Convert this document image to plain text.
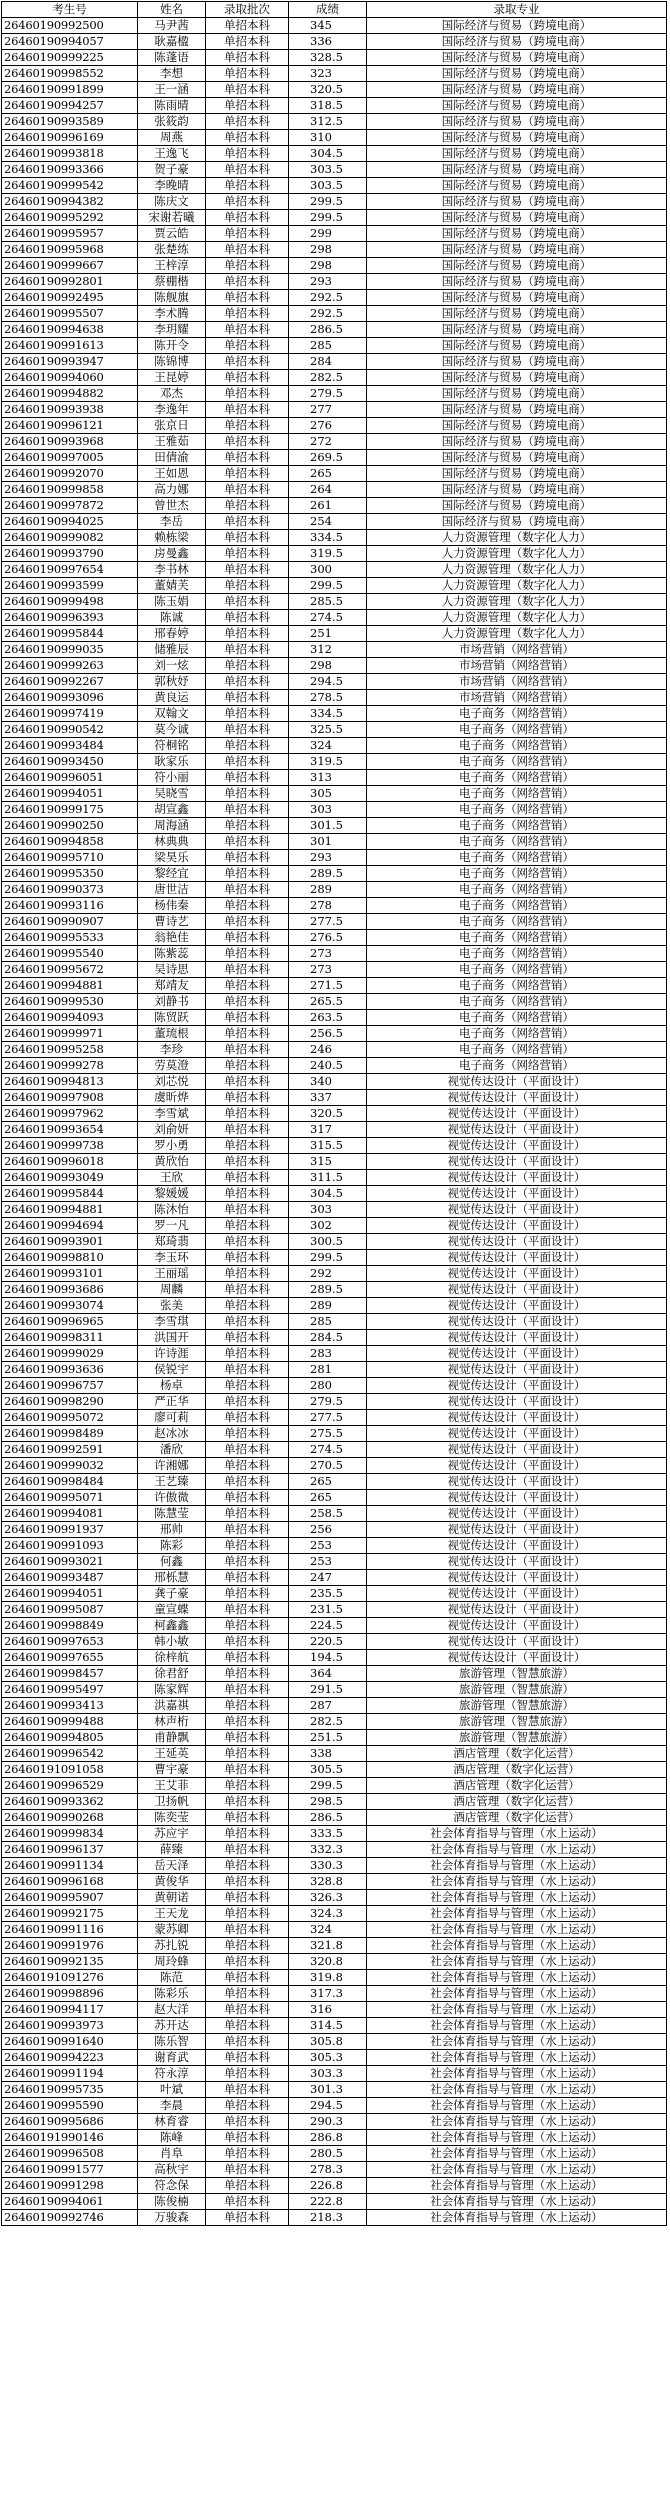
考生号	姓名	录取批次	成绩	录取专业
26460190992500	马尹茜	单招本科	345	国际经济与贸易（跨境电商）
26460190994057	耿嘉楹	单招本科	336	国际经济与贸易（跨境电商）
26460190999225	陈蓬语	单招本科	328.5	国际经济与贸易（跨境电商）
26460190998552	李想	单招本科	323	国际经济与贸易（跨境电商）
26460190991899	王一涵	单招本科	320.5	国际经济与贸易（跨境电商）
26460190994257	陈雨晴	单招本科	318.5	国际经济与贸易（跨境电商）
26460190993589	张筱韵	单招本科	312.5	国际经济与贸易（跨境电商）
26460190996169	周燕	单招本科	310	国际经济与贸易（跨境电商）
26460190993818	王逸飞	单招本科	304.5	国际经济与贸易（跨境电商）
26460190993366	贺子豪	单招本科	303.5	国际经济与贸易（跨境电商）
26460190999542	李晚晴	单招本科	303.5	国际经济与贸易（跨境电商）
26460190994382	陈庆文	单招本科	299.5	国际经济与贸易（跨境电商）
26460190995292	宋谢若曦	单招本科	299.5	国际经济与贸易（跨境电商）
26460190995957	贾云皓	单招本科	299	国际经济与贸易（跨境电商）
26460190995968	张楚练	单招本科	298	国际经济与贸易（跨境电商）
26460190999667	王梓淳	单招本科	298	国际经济与贸易（跨境电商）
26460190992801	蔡棚楷	单招本科	293	国际经济与贸易（跨境电商）
26460190992495	陈舰旗	单招本科	292.5	国际经济与贸易（跨境电商）
26460190995507	李术腾	单招本科	292.5	国际经济与贸易（跨境电商）
26460190994638	李玥耀	单招本科	286.5	国际经济与贸易（跨境电商）
26460190991613	陈开令	单招本科	285	国际经济与贸易（跨境电商）
26460190993947	陈锦博	单招本科	284	国际经济与贸易（跨境电商）
26460190994060	王昆婷	单招本科	282.5	国际经济与贸易（跨境电商）
26460190994882	邓杰	单招本科	279.5	国际经济与贸易（跨境电商）
26460190993938	李逸年	单招本科	277	国际经济与贸易（跨境电商）
26460190996121	张京日	单招本科	276	国际经济与贸易（跨境电商）
26460190993968	王雅茹	单招本科	272	国际经济与贸易（跨境电商）
26460190997005	田倩渝	单招本科	269.5	国际经济与贸易（跨境电商）
26460190992070	王如恩	单招本科	265	国际经济与贸易（跨境电商）
26460190999858	高力娜	单招本科	264	国际经济与贸易（跨境电商）
26460190997872	曾世杰	单招本科	261	国际经济与贸易（跨境电商）
26460190994025	李岳	单招本科	254	国际经济与贸易（跨境电商）
26460190999082	赖栋梁	单招本科	334.5	人力资源管理（数字化人力）
26460190993790	房曼鑫	单招本科	319.5	人力资源管理（数字化人力）
26460190997654	李书林	单招本科	300	人力资源管理（数字化人力）
26460190993599	董婧芙	单招本科	299.5	人力资源管理（数字化人力）
26460190999498	陈玉娟	单招本科	285.5	人力资源管理（数字化人力）
26460190996393	陈诚	单招本科	274.5	人力资源管理（数字化人力）
26460190995844	邢春婷	单招本科	251	人力资源管理（数字化人力）
26460190999035	储雅辰	单招本科	312	市场营销（网络营销）
26460190999263	刘一炫	单招本科	298	市场营销（网络营销）
26460190992267	郭秋妤	单招本科	294.5	市场营销（网络营销）
26460190993096	黄良运	单招本科	278.5	市场营销（网络营销）
26460190997419	双翰文	单招本科	334.5	电子商务（网络营销）
26460190990542	莫今诚	单招本科	325.5	电子商务（网络营销）
26460190993484	符桐铭	单招本科	324	电子商务（网络营销）
26460190993450	耿家乐	单招本科	319.5	电子商务（网络营销）
26460190996051	符小丽	单招本科	313	电子商务（网络营销）
26460190994051	吴晓雪	单招本科	305	电子商务（网络营销）
26460190999175	胡宣鑫	单招本科	303	电子商务（网络营销）
26460190990250	周海涵	单招本科	301.5	电子商务（网络营销）
26460190994858	林典典	单招本科	301	电子商务（网络营销）
26460190995710	梁昊乐	单招本科	293	电子商务（网络营销）
26460190995350	黎经宜	单招本科	289.5	电子商务（网络营销）
26460190990373	唐世洁	单招本科	289	电子商务（网络营销）
26460190993116	杨伟秦	单招本科	278	电子商务（网络营销）
26460190990907	曹诗艺	单招本科	277.5	电子商务（网络营销）
26460190995533	翁艳佳	单招本科	276.5	电子商务（网络营销）
26460190995540	陈紫蕊	单招本科	273	电子商务（网络营销）
26460190995672	吴诗思	单招本科	273	电子商务（网络营销）
26460190994881	郑靖友	单招本科	271.5	电子商务（网络营销）
26460190999530	刘静书	单招本科	265.5	电子商务（网络营销）
26460190994093	陈贸跃	单招本科	263.5	电子商务（网络营销）
26460190999971	董琉根	单招本科	256.5	电子商务（网络营销）
26460190995258	李珍	单招本科	246	电子商务（网络营销）
26460190999278	劳莫澄	单招本科	240.5	电子商务（网络营销）
26460190994813	刘芯悦	单招本科	340	视觉传达设计（平面设计）
26460190997908	虞昕烨	单招本科	337	视觉传达设计（平面设计）
26460190997962	李雪斌	单招本科	320.5	视觉传达设计（平面设计）
26460190993654	刘俞妍	单招本科	317	视觉传达设计（平面设计）
26460190999738	罗小勇	单招本科	315.5	视觉传达设计（平面设计）
26460190996018	黄欣怡	单招本科	315	视觉传达设计（平面设计）
26460190993049	王欣	单招本科	311.5	视觉传达设计（平面设计）
26460190995844	黎媛媛	单招本科	304.5	视觉传达设计（平面设计）
26460190994881	陈沐怡	单招本科	303	视觉传达设计（平面设计）
26460190994694	罗一凡	单招本科	302	视觉传达设计（平面设计）
26460190993901	郑琦翡	单招本科	300.5	视觉传达设计（平面设计）
26460190998810	李玉环	单招本科	299.5	视觉传达设计（平面设计）
26460190993101	王丽瑶	单招本科	292	视觉传达设计（平面设计）
26460190993686	周麟	单招本科	289.5	视觉传达设计（平面设计）
26460190993074	张美	单招本科	289	视觉传达设计（平面设计）
26460190996965	李雪琪	单招本科	285	视觉传达设计（平面设计）
26460190998311	洪国开	单招本科	284.5	视觉传达设计（平面设计）
26460190999029	许诗涯	单招本科	283	视觉传达设计（平面设计）
26460190993636	侯锐宇	单招本科	281	视觉传达设计（平面设计）
26460190996757	杨卓	单招本科	280	视觉传达设计（平面设计）
26460190998290	严正华	单招本科	279.5	视觉传达设计（平面设计）
26460190995072	廖可莉	单招本科	277.5	视觉传达设计（平面设计）
26460190998489	赵冰冰	单招本科	275.5	视觉传达设计（平面设计）
26460190992591	潘欣	单招本科	274.5	视觉传达设计（平面设计）
26460190999032	许湘娜	单招本科	270.5	视觉传达设计（平面设计）
26460190998484	王艺臻	单招本科	265	视觉传达设计（平面设计）
26460190995071	许傲微	单招本科	265	视觉传达设计（平面设计）
26460190994081	陈慧莹	单招本科	258.5	视觉传达设计（平面设计）
26460190991937	邢帅	单招本科	256	视觉传达设计（平面设计）
26460190991093	陈彩	单招本科	253	视觉传达设计（平面设计）
26460190993021	何鑫	单招本科	253	视觉传达设计（平面设计）
26460190993487	邢栎慧	单招本科	247	视觉传达设计（平面设计）
26460190994051	龚子豪	单招本科	235.5	视觉传达设计（平面设计）
26460190995087	童宣蝶	单招本科	231.5	视觉传达设计（平面设计）
26460190998849	柯鑫鑫	单招本科	224.5	视觉传达设计（平面设计）
26460190997653	韩小敏	单招本科	220.5	视觉传达设计（平面设计）
26460190997655	徐梓航	单招本科	194.5	视觉传达设计（平面设计）
26460190998457	徐君舒	单招本科	364	旅游管理（智慧旅游）
26460190995497	陈家辉	单招本科	291.5	旅游管理（智慧旅游）
26460190993413	洪嘉祺	单招本科	287	旅游管理（智慧旅游）
26460190999488	林声桁	单招本科	282.5	旅游管理（智慧旅游）
26460190994805	甫静飘	单招本科	251.5	旅游管理（智慧旅游）
26460190996542	王延英	单招本科	338	酒店管理（数字化运营）
26460191091058	曹宇豪	单招本科	305.5	酒店管理（数字化运营）
26460190996529	王艾菲	单招本科	299.5	酒店管理（数字化运营）
26460190993362	卫扬帆	单招本科	298.5	酒店管理（数字化运营）
26460190990268	陈奕莹	单招本科	286.5	酒店管理（数字化运营）
26460190999834	苏应宇	单招本科	333.5	社会体育指导与管理（水上运动）
26460190996137	薛臻	单招本科	332.3	社会体育指导与管理（水上运动）
26460190991134	岳天泽	单招本科	330.3	社会体育指导与管理（水上运动）
26460190996168	黄俊华	单招本科	328.8	社会体育指导与管理（水上运动）
26460190995907	黄朝诺	单招本科	326.3	社会体育指导与管理（水上运动）
26460190992175	王天龙	单招本科	324.3	社会体育指导与管理（水上运动）
26460190991116	蒙苏卿	单招本科	324	社会体育指导与管理（水上运动）
26460190991976	苏扎锐	单招本科	321.8	社会体育指导与管理（水上运动）
26460190992135	周玲蜂	单招本科	320.8	社会体育指导与管理（水上运动）
26460191091276	陈范	单招本科	319.8	社会体育指导与管理（水上运动）
26460190998896	陈彩乐	单招本科	317.3	社会体育指导与管理（水上运动）
26460190994117	赵大洋	单招本科	316	社会体育指导与管理（水上运动）
26460190993973	苏开达	单招本科	314.5	社会体育指导与管理（水上运动）
26460190991640	陈乐智	单招本科	305.8	社会体育指导与管理（水上运动）
26460190994223	谢育武	单招本科	305.3	社会体育指导与管理（水上运动）
26460190991194	符永淳	单招本科	303.3	社会体育指导与管理（水上运动）
26460190995735	叶斌	单招本科	301.3	社会体育指导与管理（水上运动）
26460190995590	李晨	单招本科	294.5	社会体育指导与管理（水上运动）
26460190995686	林育睿	单招本科	290.3	社会体育指导与管理（水上运动）
26460191990146	陈峰	单招本科	286.8	社会体育指导与管理（水上运动）
26460190996508	肖阜	单招本科	280.5	社会体育指导与管理（水上运动）
26460190991577	高秋宇	单招本科	278.3	社会体育指导与管理（水上运动）
26460190991298	符念保	单招本科	226.8	社会体育指导与管理（水上运动）
26460190994061	陈俊楠	单招本科	222.8	社会体育指导与管理（水上运动）
26460190992746	万骏森	单招本科	218.3	社会体育指导与管理（水上运动）
